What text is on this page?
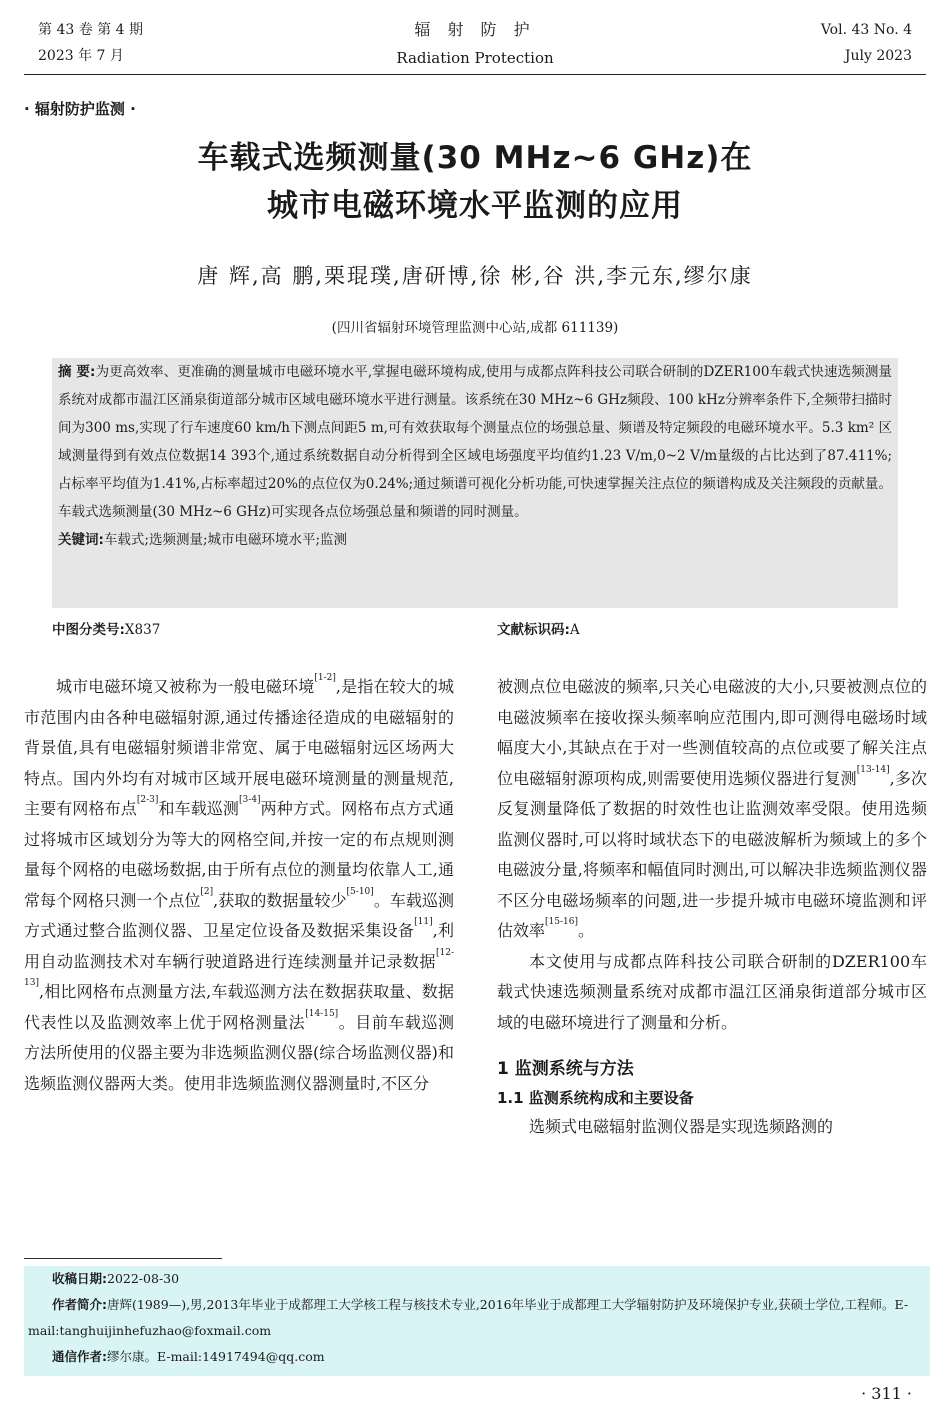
第 43 卷 第 4 期
2023 年 7 月
辐 射 防 护
Radiation Protection
Vol. 43 No. 4
July 2023
· 辐射防护监测 ·
车载式选频测量(30 MHz~6 GHz)在
城市电磁环境水平监测的应用
唐 辉,高 鹏,栗琨璞,唐研博,徐 彬,谷 洪,李元东,缪尔康
(四川省辐射环境管理监测中心站,成都 611139)

摘 要:为更高效率、更准确的测量城市电磁环境水平,掌握电磁环境构成,使用与成都点阵科技公司联合研制的DZER100车载式快速选频测量系统对成都市温江区涌泉街道部分城市区域电磁环境水平进行测量。该系统在30 MHz~6 GHz频段、100 kHz分辨率条件下,全频带扫描时间为300 ms,实现了行车速度60 km/h下测点间距5 m,可有效获取每个测量点位的场强总量、频谱及特定频段的电磁环境水平。5.3 km² 区域测量得到有效点位数据14 393个,通过系统数据自动分析得到全区域电场强度平均值约1.23 V/m,0~2 V/m量级的占比达到了87.411%;占标率平均值为1.41%,占标率超过20%的点位仅为0.24%;通过频谱可视化分析功能,可快速掌握关注点位的频谱构成及关注频段的贡献量。车载式选频测量(30 MHz~6 GHz)可实现各点位场强总量和频谱的同时测量。

关键词:车载式;选频测量;城市电磁环境水平;监测

中图分类号:X837	文献标识码:A

城市电磁环境又被称为一般电磁环境[1-2],是指在较大的城市范围内由各种电磁辐射源,通过传播途径造成的电磁辐射的背景值,具有电磁辐射频谱非常宽、属于电磁辐射远区场两大特点。国内外均有对城市区域开展电磁环境测量的测量规范,主要有网格布点[2-3]和车载巡测[3-4]两种方式。网格布点方式通过将城市区域划分为等大的网格空间,并按一定的布点规则测量每个网格的电磁场数据,由于所有点位的测量均依靠人工,通常每个网格只测一个点位[2],获取的数据量较少[5-10]。车载巡测方式通过整合监测仪器、卫星定位设备及数据采集设备[11],利用自动监测技术对车辆行驶道路进行连续测量并记录数据[12-13],相比网格布点测量方法,车载巡测方法在数据获取量、数据代表性以及监测效率上优于网格测量法[14-15]。目前车载巡测方法所使用的仪器主要为非选频监测仪器(综合场监测仪器)和选频监测仪器两大类。使用非选频监测仪器测量时,不区分

被测点位电磁波的频率,只关心电磁波的大小,只要被测点位的电磁波频率在接收探头频率响应范围内,即可测得电磁场时域幅度大小,其缺点在于对一些测值较高的点位或要了解关注点位电磁辐射源项构成,则需要使用选频仪器进行复测[13-14],多次反复测量降低了数据的时效性也让监测效率受限。使用选频监测仪器时,可以将时域状态下的电磁波解析为频域上的多个电磁波分量,将频率和幅值同时测出,可以解决非选频监测仪器不区分电磁场频率的问题,进一步提升城市电磁环境监测和评估效率[15-16]。

本文使用与成都点阵科技公司联合研制的DZER100车载式快速选频测量系统对成都市温江区涌泉街道部分城市区域的电磁环境进行了测量和分析。

1 监测系统与方法
1.1 监测系统构成和主要设备

选频式电磁辐射监测仪器是实现选频路测的

收稿日期:2022-08-30

作者简介:唐辉(1989—),男,2013年毕业于成都理工大学核工程与核技术专业,2016年毕业于成都理工大学辐射防护及环境保护专业,获硕士学位,工程师。E-mail:tanghuijinhefuzhao@foxmail.com

通信作者:缪尔康。E-mail:14917494@qq.com

· 311 ·
